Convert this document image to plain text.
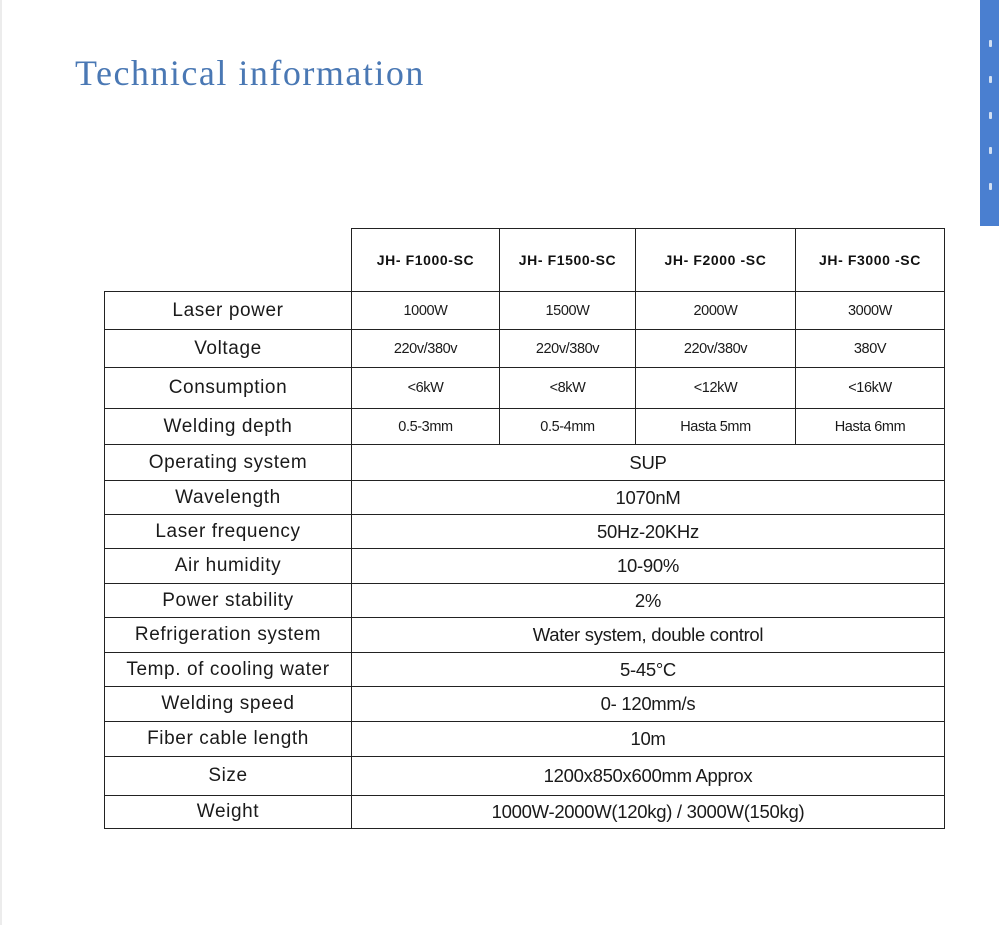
Technical information
	JH- F1000-SC	JH- F1500-SC	JH- F2000 -SC	JH- F3000 -SC
Laser power	1000W	1500W	2000W	3000W
Voltage	220v/380v	220v/380v	220v/380v	380V
Consumption	<6kW	<8kW	<12kW	<16kW
Welding depth	0.5-3mm	0.5-4mm	Hasta 5mm	Hasta 6mm
Operating system	SUP			
Wavelength	1070nM			
Laser frequency	50Hz-20KHz			
Air humidity	10-90%			
Power stability	2%			
Refrigeration system	Water system, double control			
Temp. of cooling water	5-45°C			
Welding speed	0- 120mm/s			
Fiber cable length	10m			
Size	1200x850x600mm Approx			
Weight	1000W-2000W(120kg) / 3000W(150kg)			
